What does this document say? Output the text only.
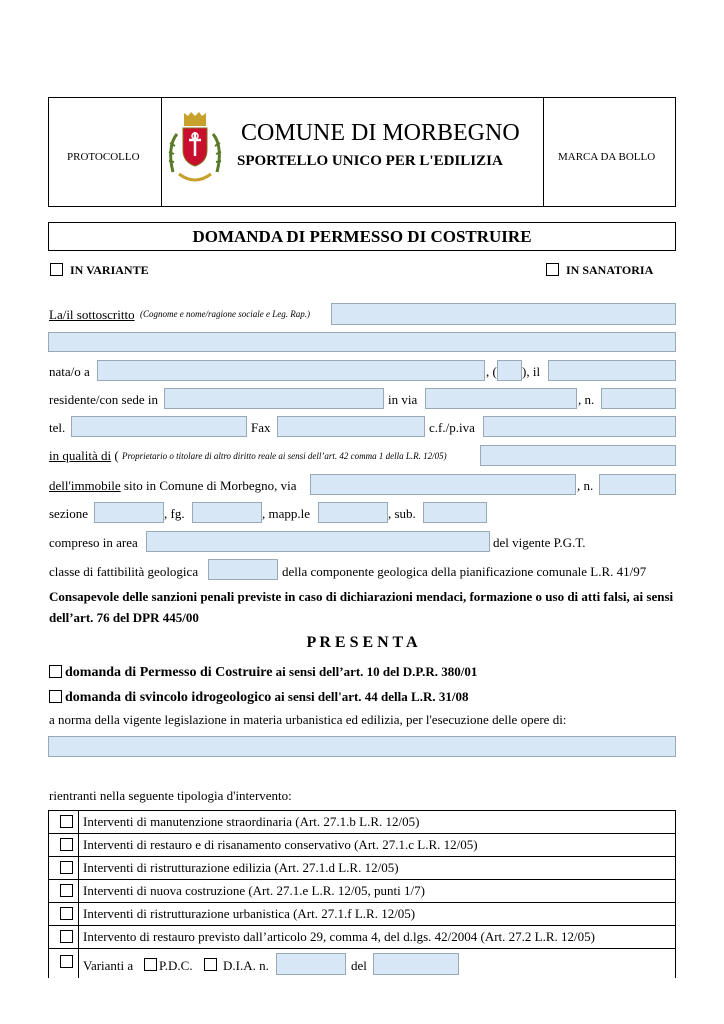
PROTOCOLLO
COMUNE DI MORBEGNO
SPORTELLO UNICO PER L'EDILIZIA	MARCA DA BOLLO
DOMANDA DI PERMESSO DI COSTRUIRE
IN VARIANTE	IN SANATORIA
La/il sottoscritto (Cognome e nome/ragione sociale e Leg. Rap.)
nata/o a	, ( ), il
residente/con sede in	in via	, n.
tel.	Fax	c.f./p.iva
in qualità di ( Proprietario o titolare di altro diritto reale ai sensi dell’art. 42 comma 1 della L.R. 12/05)
dell'immobile sito in Comune di Morbegno, via	, n.
sezione	, fg.	, mapp.le	, sub.
compreso in area	del vigente P.G.T.
classe di fattibilità geologica	della componente geologica della pianificazione comunale L.R. 41/97
Consapevole delle sanzioni penali previste in caso di dichiarazioni mendaci, formazione o uso di atti falsi, ai sensi dell’art. 76 del DPR 445/00
P R E S E N T A
domanda di Permesso di Costruire ai sensi dell’art. 10 del D.P.R. 380/01
domanda di svincolo idrogeologico ai sensi dell'art. 44 della L.R. 31/08
a norma della vigente legislazione in materia urbanistica ed edilizia, per l'esecuzione delle opere di:
rientranti nella seguente tipologia d'intervento:
Interventi di manutenzione straordinaria (Art. 27.1.b L.R. 12/05)
Interventi di restauro e di risanamento conservativo (Art. 27.1.c L.R. 12/05)
Interventi di ristrutturazione edilizia (Art. 27.1.d L.R. 12/05)
Interventi di nuova costruzione (Art. 27.1.e L.R. 12/05, punti 1/7)
Interventi di ristrutturazione urbanistica (Art. 27.1.f L.R. 12/05)
Intervento di restauro previsto dall’articolo 29, comma 4, del d.lgs. 42/2004 (Art. 27.2 L.R. 12/05)
Varianti a P.D.C. D.I.A. n.	del
